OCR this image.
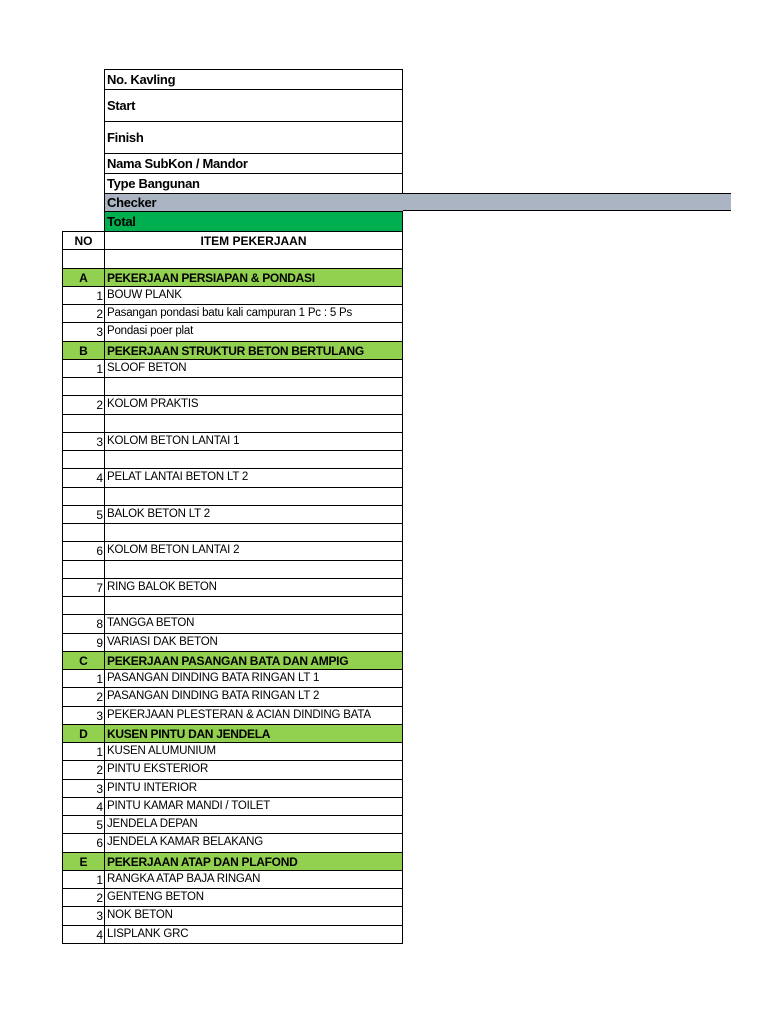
No. Kavling
Start
Finish
Nama SubKon / Mandor
Type Bangunan
Checker
Total
NO	ITEM PEKERJAAN
A	PEKERJAAN PERSIAPAN & PONDASI
1 BOUW PLANK
2 Pasangan pondasi batu kali campuran 1 Pc : 5 Ps
3 Pondasi poer plat
B	PEKERJAAN STRUKTUR BETON BERTULANG
1 SLOOF BETON
2 KOLOM PRAKTIS
3 KOLOM BETON LANTAI 1
4 PELAT LANTAI BETON LT 2
5 BALOK BETON LT 2
6 KOLOM BETON LANTAI 2
7 RING BALOK BETON
8 TANGGA BETON
9 VARIASI DAK BETON
C	PEKERJAAN PASANGAN BATA DAN AMPIG
1 PASANGAN DINDING BATA RINGAN LT 1
2 PASANGAN DINDING BATA RINGAN LT 2
3 PEKERJAAN PLESTERAN & ACIAN DINDING BATA
D	KUSEN PINTU DAN JENDELA
1 KUSEN ALUMUNIUM
2 PINTU EKSTERIOR
3 PINTU INTERIOR
4 PINTU KAMAR MANDI / TOILET
5 JENDELA DEPAN
6 JENDELA KAMAR BELAKANG
E	PEKERJAAN ATAP DAN PLAFOND
1 RANGKA ATAP BAJA RINGAN
2 GENTENG BETON
3 NOK BETON
4 LISPLANK GRC
